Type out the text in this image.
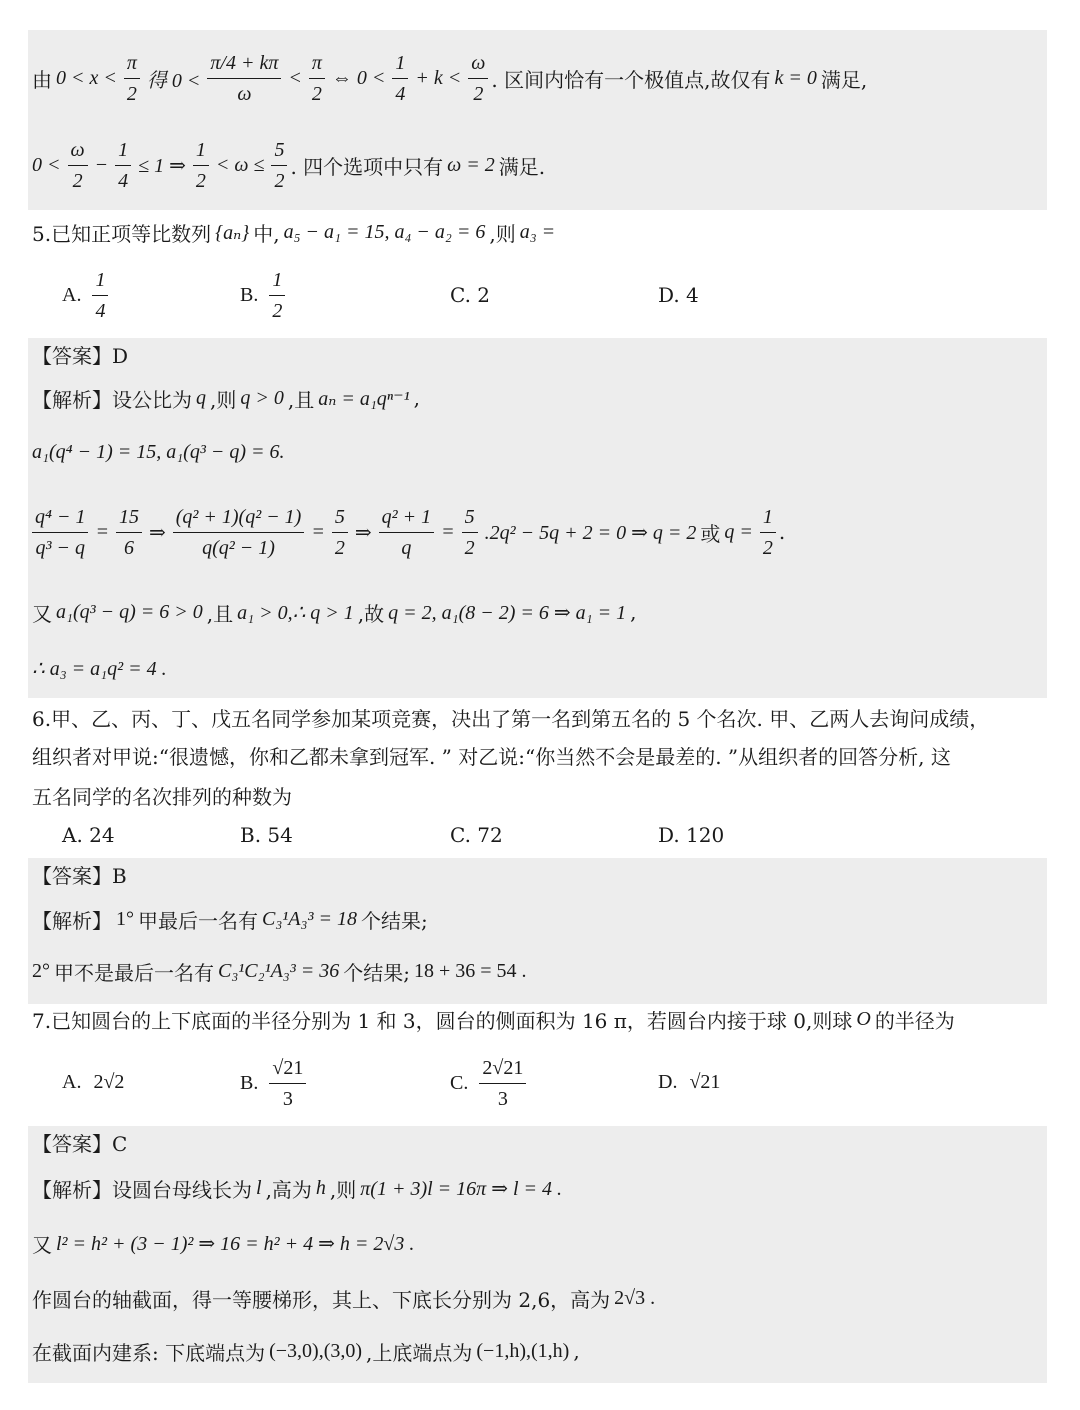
由 $0 < x < \frac{\pi}{2}$ 得 $0 < \frac{\pi/4 + k\pi}{\omega} < \frac{\pi}{2}$ ⇔ $0 < \frac{1}{4} + k < \frac{\omega}{2}$ . 区间内恰有一个极值点,故仅有 k = 0 满足,
$0 < \frac{\omega}{2} - \frac{1}{4} \le 1$ ⇒ $\frac{1}{2} < \omega \le \frac{5}{2}$ . 四个选项中只有 ω = 2 满足.
5.已知正项等比数列 {aₙ} 中, a₅ − a₁ = 15, a₄ − a₂ = 6 ,则 a₃ =
A. $\frac{1}{4}$	B. $\frac{1}{2}$	C. 2	D. 4
【答案】D
【解析】 设公比为 q ,则 q > 0 ,且 aₙ = a₁qⁿ⁻¹ ,
a₁(q⁴ − 1) = 15, a₁(q³ − q) = 6.
$\frac{\text{q⁴ − 1}}{\text{q³ − q}} = \frac{15}{6}$ ⇒ $\frac{\text{(q² + 1)(q² − 1)}}{\text{q(q² − 1)}} = \frac{5}{2}$ ⇒ $\frac{\text{q² + 1}}{q} = \frac{5}{2} .2q^2 - 5q + 2 = 0$ ⇒ q = 2 或 $q = \frac{1}{2}$ .
又 a₁(q³ − q) = 6 > 0 ,且 a₁ > 0,∴ q > 1 ,故 q = 2, a₁(8 − 2) = 6 ⇒ a₁ = 1 ,
∴ a₃ = a₁q² = 4 .
6.甲、乙、丙、丁、戊五名同学参加某项竞赛，决出了第一名到第五名的 5 个名次. 甲、乙两人去询问成绩，
组织者对甲说:“很遗憾，你和乙都未拿到冠军. ” 对乙说:“你当然不会是最差的. ”从组织者的回答分析, 这
五名同学的名次排列的种数为
A. 24	B. 54	C. 72	D. 120
【答案】B
【解析】 1° 甲最后一名有 C₃¹A₃³ = 18 个结果;
2° 甲不是最后一名有 C₃¹C₂¹A₃³ = 36 个结果; 18 + 36 = 54 .
7.已知圆台的上下底面的半径分别为 1 和 3，圆台的侧面积为 16 π，若圆台内接于球 0,则球 O 的半径为
A. 2√2	B. $\frac{√21}{3}$	C. $\frac{2√21}{3}$	D. √21
【答案】C
【解析】 设圆台母线长为 l ,高为 h ,则 π(1 + 3)l = 16π ⇒ l = 4 .
又 l² = h² + (3 − 1)² ⇒ 16 = h² + 4 ⇒ h = 2√3 .
作圆台的轴截面，得一等腰梯形，其上、下底长分别为 2,6，高为 2√3 .
在截面内建系: 下底端点为 (−3,0),(3,0) ,上底端点为 (−1,h),(1,h) ,
